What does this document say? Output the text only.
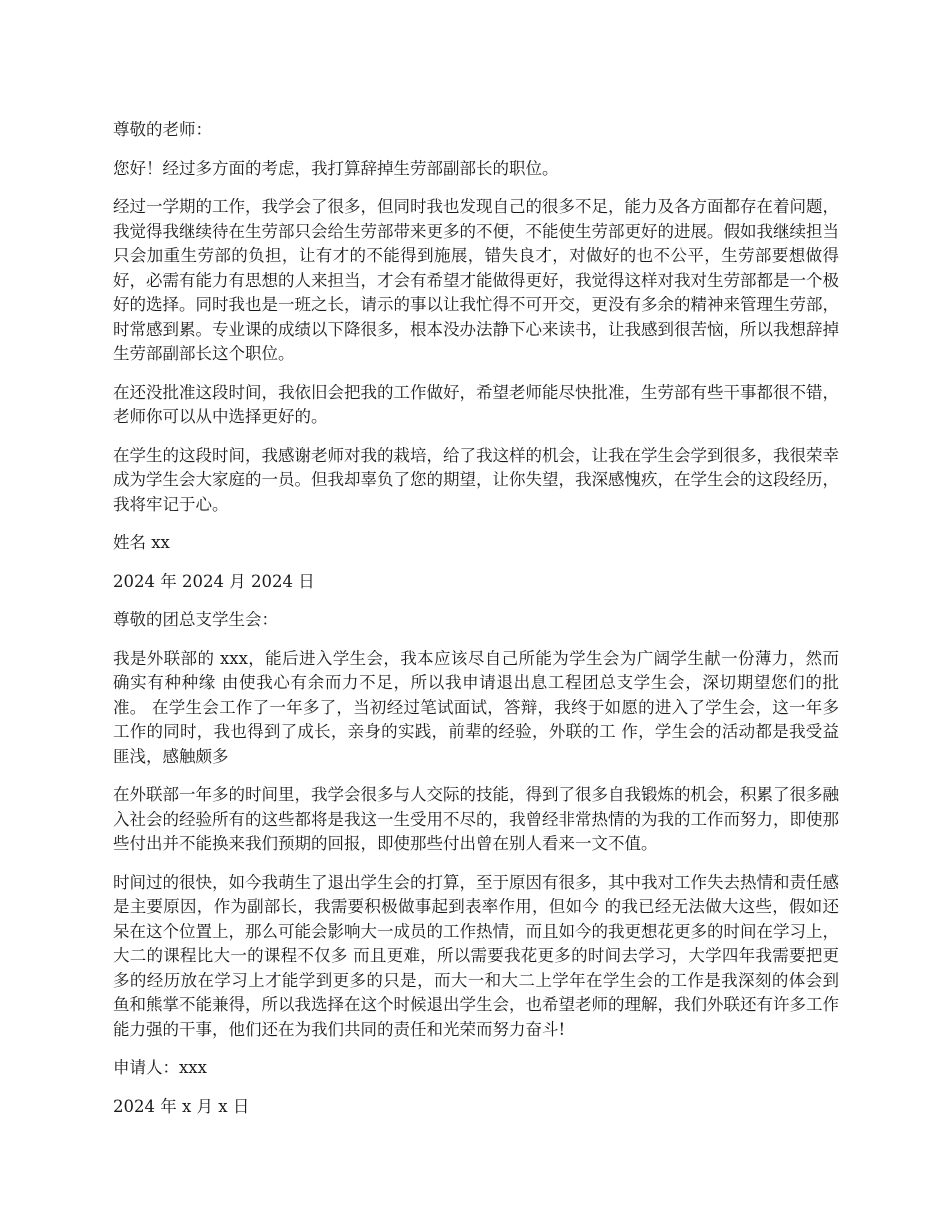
尊敬的老师：

您好！经过多方面的考虑，我打算辞掉生劳部副部长的职位。

经过一学期的工作，我学会了很多，但同时我也发现自己的很多不足，能力及各方面都存在着问题，我觉得我继续待在生劳部只会给生劳部带来更多的不便，不能使生劳部更好的进展。假如我继续担当只会加重生劳部的负担，让有才的不能得到施展，错失良才，对做好的也不公平，生劳部要想做得好，必需有能力有思想的人来担当，才会有希望才能做得更好，我觉得这样对我对生劳部都是一个极好的选择。同时我也是一班之长，请示的事以让我忙得不可开交，更没有多余的精神来管理生劳部，时常感到累。专业课的成绩以下降很多，根本没办法静下心来读书，让我感到很苦恼，所以我想辞掉生劳部副部长这个职位。

在还没批准这段时间，我依旧会把我的工作做好，希望老师能尽快批准，生劳部有些干事都很不错，老师你可以从中选择更好的。

在学生的这段时间，我感谢老师对我的栽培，给了我这样的机会，让我在学生会学到很多，我很荣幸成为学生会大家庭的一员。但我却辜负了您的期望，让你失望，我深感愧疚，在学生会的这段经历，我将牢记于心。

姓名 xx

2024 年 2024 月 2024 日

尊敬的团总支学生会：

我是外联部的 xxx，能后进入学生会，我本应该尽自己所能为学生会为广阔学生献一份薄力，然而确实有种种缘 由使我心有余而力不足，所以我申请退出息工程团总支学生会，深切期望您们的批准。 在学生会工作了一年多了，当初经过笔试面试，答辩，我终于如愿的进入了学生会，这一年多工作的同时，我也得到了成长，亲身的实践，前辈的经验，外联的工 作，学生会的活动都是我受益匪浅，感触颇多

在外联部一年多的时间里，我学会很多与人交际的技能，得到了很多自我锻炼的机会，积累了很多融入社会的经验所有的这些都将是我这一生受用不尽的，我曾经非常热情的为我的工作而努力，即使那些付出并不能换来我们预期的回报，即使那些付出曾在别人看来一文不值。

时间过的很快，如今我萌生了退出学生会的打算，至于原因有很多，其中我对工作失去热情和责任感是主要原因，作为副部长，我需要积极做事起到表率作用，但如今 的我已经无法做大这些，假如还呆在这个位置上，那么可能会影响大一成员的工作热情，而且如今的我更想花更多的时间在学习上，大二的课程比大一的课程不仅多 而且更难，所以需要我花更多的时间去学习，大学四年我需要把更多的经历放在学习上才能学到更多的只是，而大一和大二上学年在学生会的工作是我深刻的体会到 鱼和熊掌不能兼得，所以我选择在这个时候退出学生会，也希望老师的理解，我们外联还有许多工作能力强的干事，他们还在为我们共同的责任和光荣而努力奋斗!

申请人：xxx

2024 年 x 月 x 日
